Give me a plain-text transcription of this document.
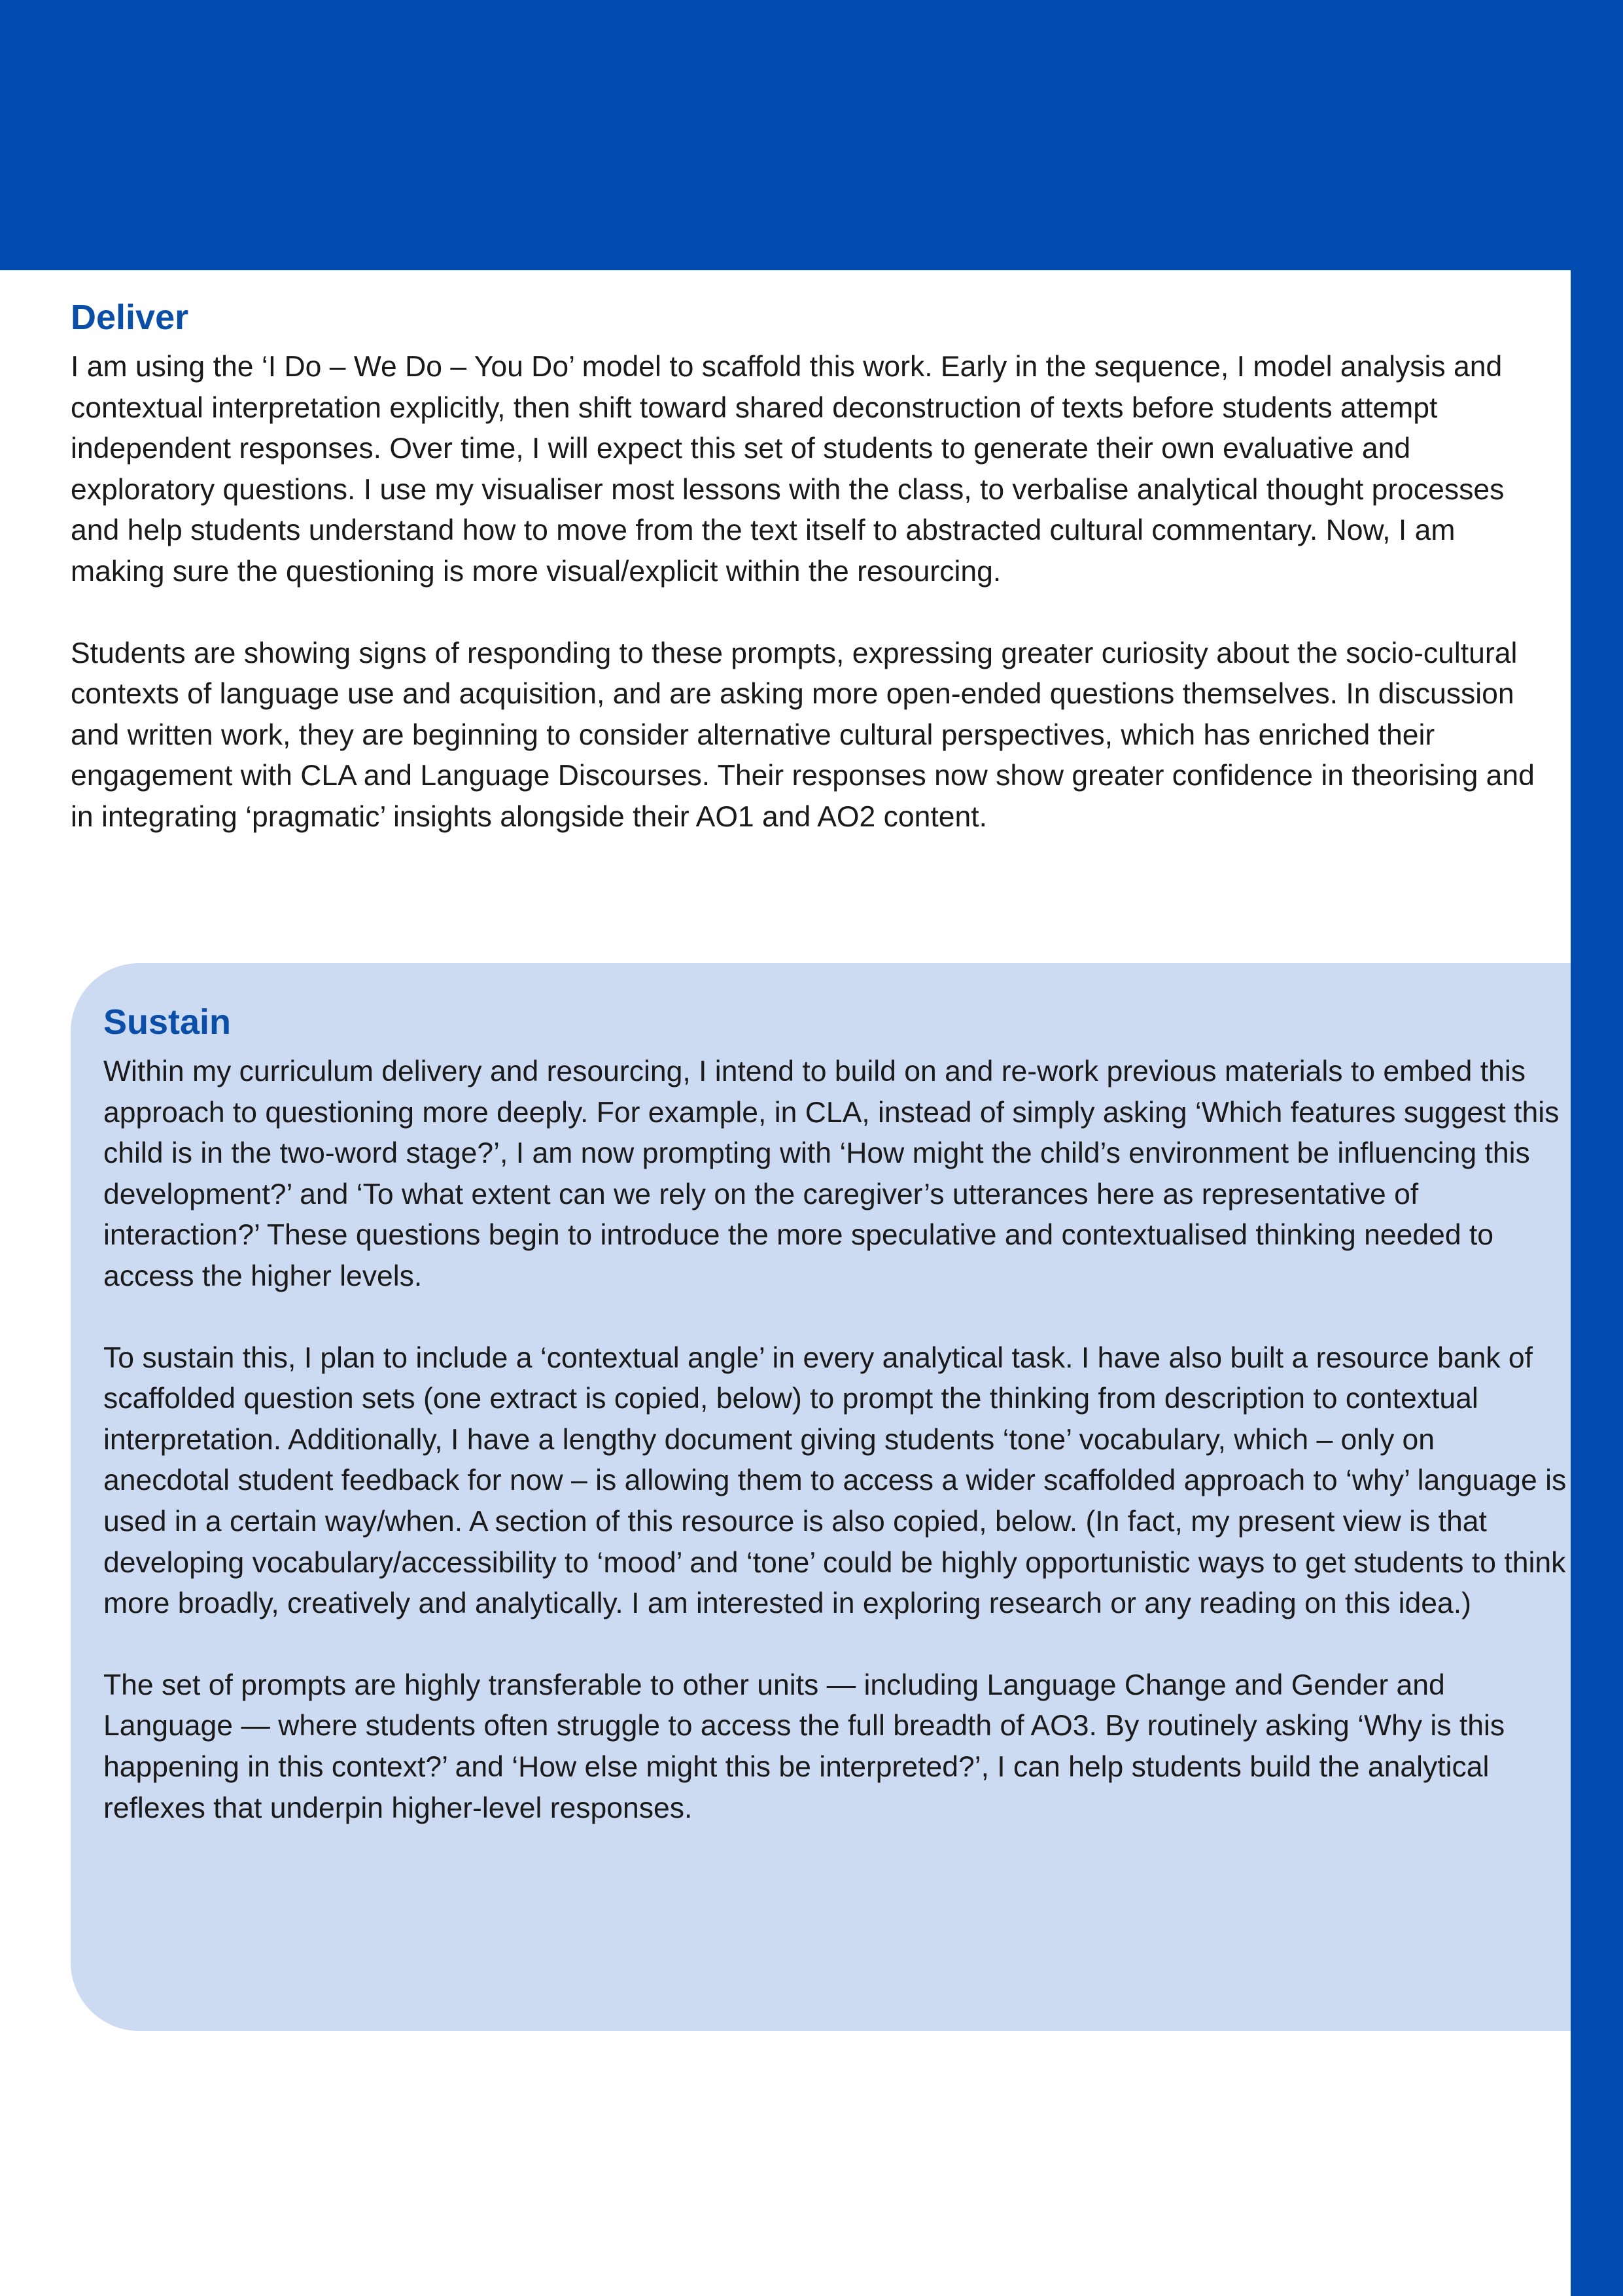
Deliver

I am using the ‘I Do – We Do – You Do’ model to scaffold this work. Early in the sequence, I model analysis and contextual interpretation explicitly, then shift toward shared deconstruction of texts before students attempt independent responses. Over time, I will expect this set of students to generate their own evaluative and exploratory questions. I use my visualiser most lessons with the class, to verbalise analytical thought processes and help students understand how to move from the text itself to abstracted cultural commentary. Now, I am making sure the questioning is more visual/explicit within the resourcing.

Students are showing signs of responding to these prompts, expressing greater curiosity about the socio-cultural contexts of language use and acquisition, and are asking more open-ended questions themselves. In discussion and written work, they are beginning to consider alternative cultural perspectives, which has enriched their engagement with CLA and Language Discourses. Their responses now show greater confidence in theorising and in integrating ‘pragmatic’ insights alongside their AO1 and AO2 content.

Sustain

Within my curriculum delivery and resourcing, I intend to build on and re-work previous materials to embed this approach to questioning more deeply. For example, in CLA, instead of simply asking ‘Which features suggest this child is in the two-word stage?’, I am now prompting with ‘How might the child’s environment be influencing this development?’ and ‘To what extent can we rely on the caregiver’s utterances here as representative of interaction?’ These questions begin to introduce the more speculative and contextualised thinking needed to access the higher levels.

To sustain this, I plan to include a ‘contextual angle’ in every analytical task. I have also built a resource bank of scaffolded question sets (one extract is copied, below) to prompt the thinking from description to contextual interpretation. Additionally, I have a lengthy document giving students ‘tone’ vocabulary, which – only on anecdotal student feedback for now – is allowing them to access a wider scaffolded approach to ‘why’ language is used in a certain way/when. A section of this resource is also copied, below. (In fact, my present view is that developing vocabulary/accessibility to ‘mood’ and ‘tone’ could be highly opportunistic ways to get students to think more broadly, creatively and analytically. I am interested in exploring research or any reading on this idea.)

The set of prompts are highly transferable to other units — including Language Change and Gender and Language — where students often struggle to access the full breadth of AO3. By routinely asking ‘Why is this happening in this context?’ and ‘How else might this be interpreted?’, I can help students build the analytical reflexes that underpin higher-level responses.
